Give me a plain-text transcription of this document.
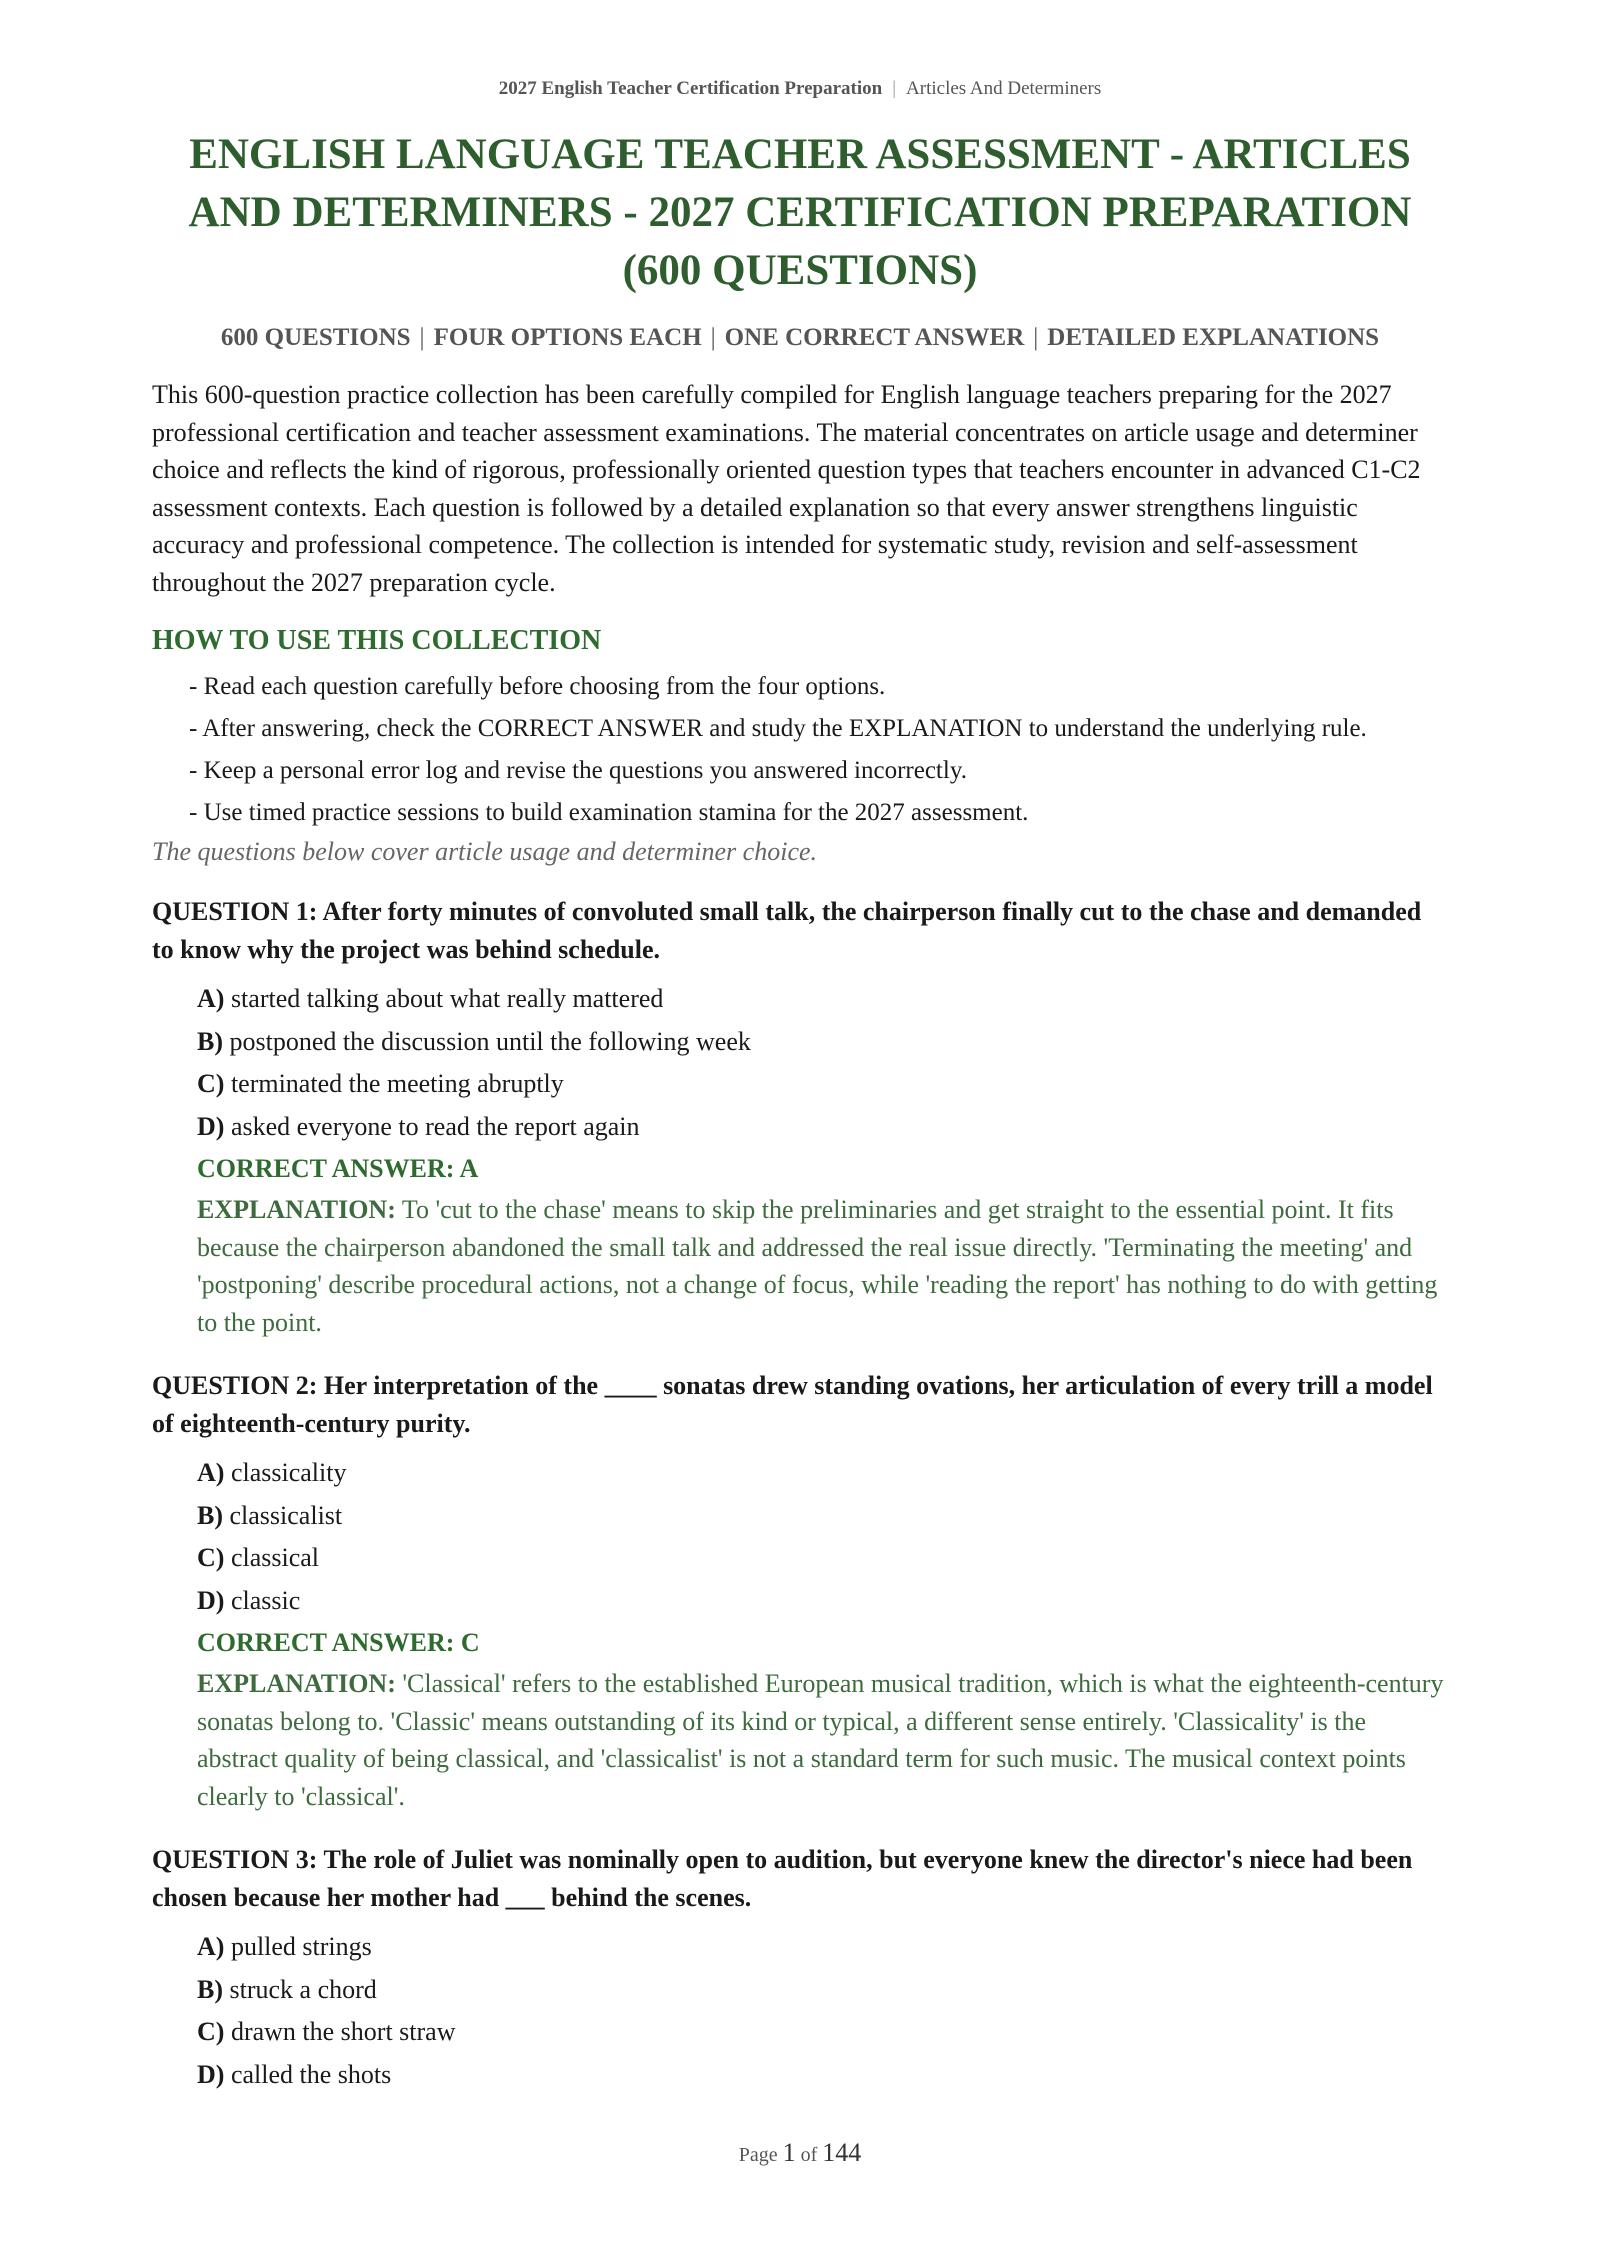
2027 English Teacher Certification Preparation | Articles And Determiners
ENGLISH LANGUAGE TEACHER ASSESSMENT - ARTICLES AND DETERMINERS - 2027 CERTIFICATION PREPARATION (600 QUESTIONS)
600 QUESTIONS | FOUR OPTIONS EACH | ONE CORRECT ANSWER | DETAILED EXPLANATIONS

This 600-question practice collection has been carefully compiled for English language teachers preparing for the 2027 professional certification and teacher assessment examinations. The material concentrates on article usage and determiner choice and reflects the kind of rigorous, professionally oriented question types that teachers encounter in advanced C1-C2 assessment contexts. Each question is followed by a detailed explanation so that every answer strengthens linguistic accuracy and professional competence. The collection is intended for systematic study, revision and self-assessment throughout the 2027 preparation cycle.

HOW TO USE THIS COLLECTION
- Read each question carefully before choosing from the four options.
- After answering, check the CORRECT ANSWER and study the EXPLANATION to understand the underlying rule.
- Keep a personal error log and revise the questions you answered incorrectly.
- Use timed practice sessions to build examination stamina for the 2027 assessment.
The questions below cover article usage and determiner choice.
QUESTION 1: After forty minutes of convoluted small talk, the chairperson finally cut to the chase and demanded to know why the project was behind schedule.
A) started talking about what really mattered
B) postponed the discussion until the following week
C) terminated the meeting abruptly
D) asked everyone to read the report again
CORRECT ANSWER: A
EXPLANATION: To 'cut to the chase' means to skip the preliminaries and get straight to the essential point. It fits because the chairperson abandoned the small talk and addressed the real issue directly. 'Terminating the meeting' and 'postponing' describe procedural actions, not a change of focus, while 'reading the report' has nothing to do with getting to the point.
QUESTION 2: Her interpretation of the ____ sonatas drew standing ovations, her articulation of every trill a model of eighteenth-century purity.
A) classicality
B) classicalist
C) classical
D) classic
CORRECT ANSWER: C
EXPLANATION: 'Classical' refers to the established European musical tradition, which is what the eighteenth-century sonatas belong to. 'Classic' means outstanding of its kind or typical, a different sense entirely. 'Classicality' is the abstract quality of being classical, and 'classicalist' is not a standard term for such music. The musical context points clearly to 'classical'.
QUESTION 3: The role of Juliet was nominally open to audition, but everyone knew the director's niece had been chosen because her mother had ___ behind the scenes.
A) pulled strings
B) struck a chord
C) drawn the short straw
D) called the shots
Page 1 of 144
